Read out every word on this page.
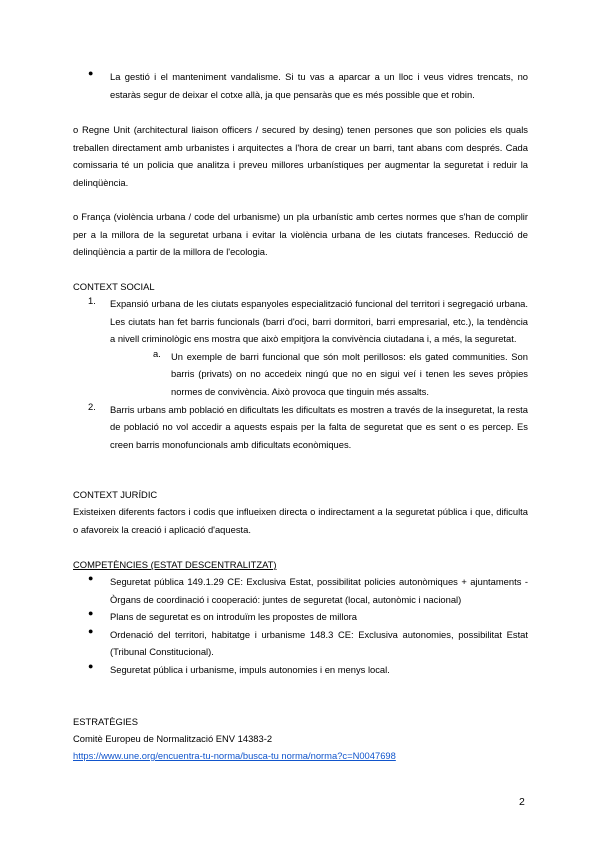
● La gestió i el manteniment vandalisme. Si tu vas a aparcar a un lloc i veus vidres trencats, no estaràs segur de deixar el cotxe allà, ja que pensaràs que es més possible que et robin.

o Regne Unit (architectural liaison officers / secured by desing) tenen persones que son policies els quals treballen directament amb urbanistes i arquitectes a l'hora de crear un barri, tant abans com després. Cada comissaria té un policia que analitza i preveu millores urbanístiques per augmentar la seguretat i reduir la delinqüència.

o França (violència urbana / code del urbanisme) un pla urbanístic amb certes normes que s'han de complir per a la millora de la seguretat urbana i evitar la violència urbana de les ciutats franceses. Reducció de delinqüència a partir de la millora de l'ecologia.

CONTEXT SOCIAL

1. Expansió urbana de les ciutats espanyoles especialització funcional del territori i segregació urbana. Les ciutats han fet barris funcionals (barri d'oci, barri dormitori, barri empresarial, etc.), la tendència a nivell criminològic ens mostra que això empitjora la convivència ciutadana i, a més, la seguretat.

a. Un exemple de barri funcional que són molt perillosos: els gated communities. Son barris (privats) on no accedeix ningú que no en sigui veí i tenen les seves pròpies normes de convivència. Això provoca que tinguin més assalts.

2. Barris urbans amb població en dificultats les dificultats es mostren a través de la inseguretat, la resta de població no vol accedir a aquests espais per la falta de seguretat que es sent o es percep. Es creen barris monofuncionals amb dificultats econòmiques.

CONTEXT JURÍDIC

Existeixen diferents factors i codis que influeixen directa o indirectament a la seguretat pública i que, dificulta o afavoreix la creació i aplicació d'aquesta.

COMPETÈNCIES (ESTAT DESCENTRALITZAT)

● Seguretat pública 149.1.29 CE: Exclusiva Estat, possibilitat policies autonòmiques + ajuntaments - Òrgans de coordinació i cooperació: juntes de seguretat (local, autonòmic i nacional)

● Plans de seguretat es on introduïm les propostes de millora

● Ordenació del territori, habitatge i urbanisme 148.3 CE: Exclusiva autonomies, possibilitat Estat (Tribunal Constitucional).

● Seguretat pública i urbanisme, impuls autonomies i en menys local.

ESTRATÈGIES

Comitè Europeu de Normalització ENV 14383-2

https://www.une.org/encuentra-tu-norma/busca-tu norma/norma?c=N0047698

2
